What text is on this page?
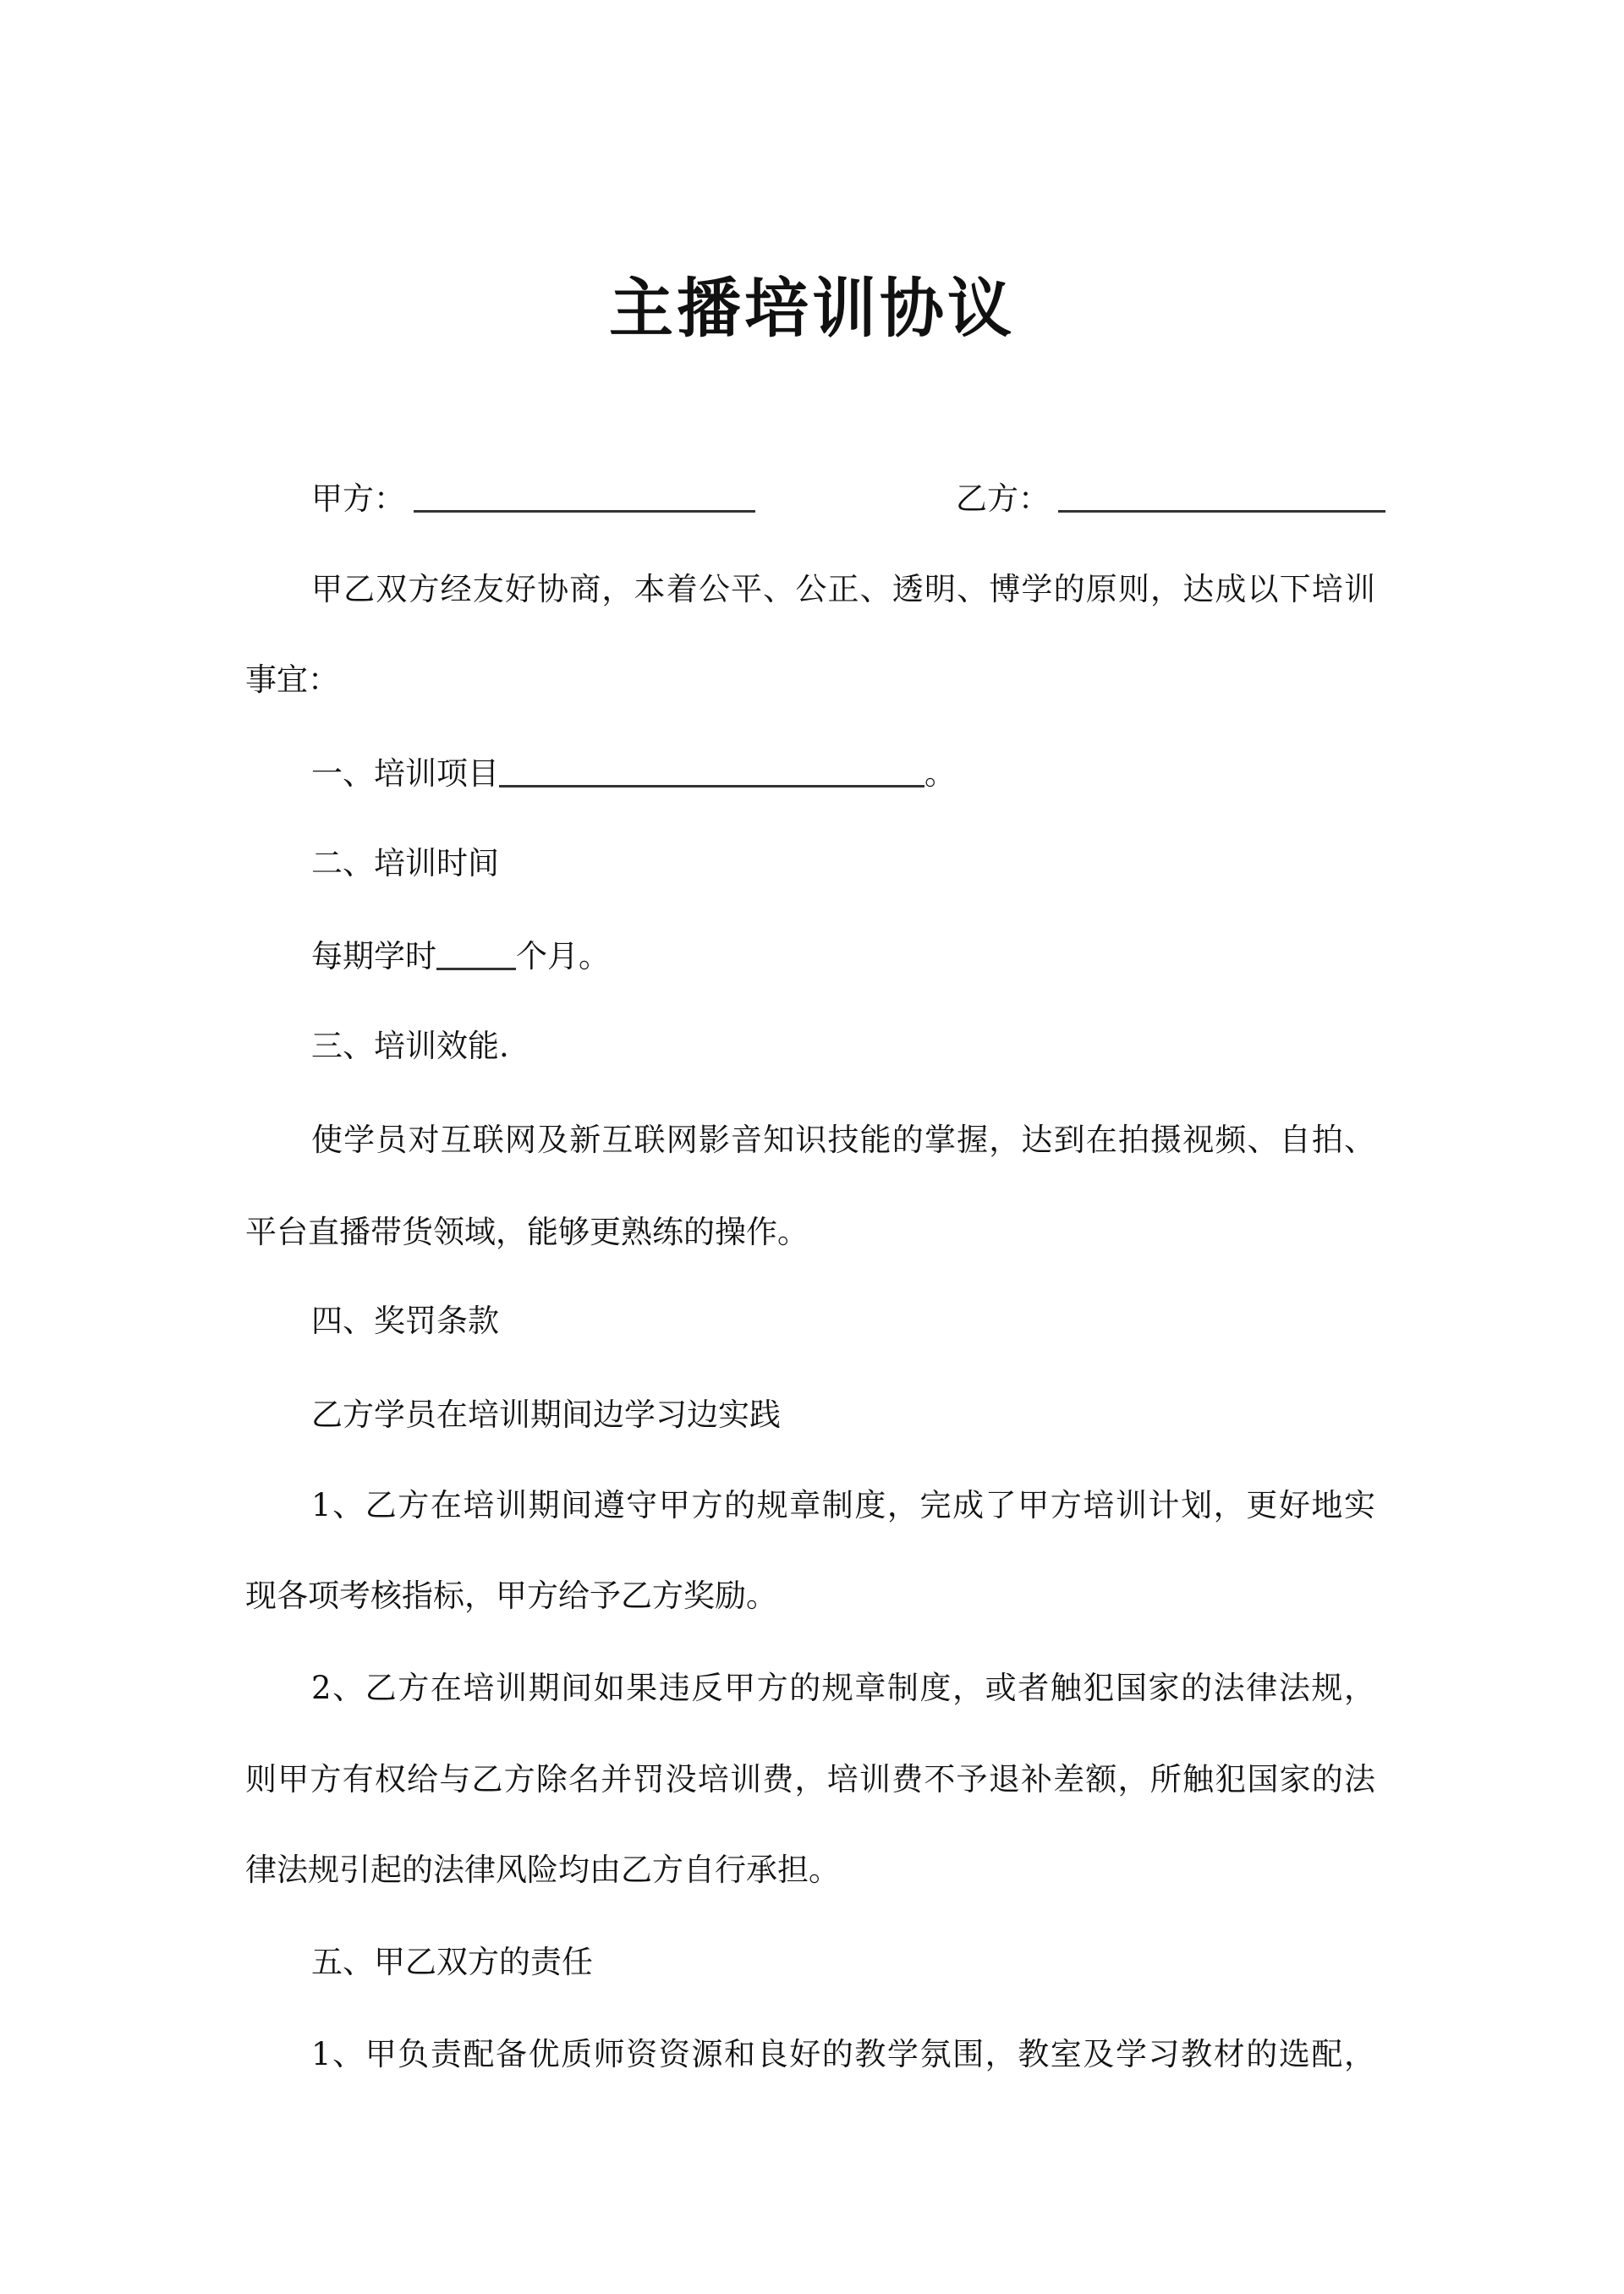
主播培训协议
甲方：	乙方：
甲乙双方经友好协商，本着公平、公正、透明、博学的原则，达成以下培训
事宜：
一、培训项目	。
二、培训时间
每期学时	个月。
三、培训效能.
使学员对互联网及新互联网影音知识技能的掌握，达到在拍摄视频、自拍、
平台直播带货领域，能够更熟练的操作。
四、奖罚条款
乙方学员在培训期间边学习边实践
1、乙方在培训期间遵守甲方的规章制度，完成了甲方培训计划，更好地实
现各项考核指标，甲方给予乙方奖励。
2、乙方在培训期间如果违反甲方的规章制度，或者触犯国家的法律法规，
则甲方有权给与乙方除名并罚没培训费，培训费不予退补差额，所触犯国家的法
律法规引起的法律风险均由乙方自行承担。
五、甲乙双方的责任
1、甲负责配备优质师资资源和良好的教学氛围，教室及学习教材的选配，
